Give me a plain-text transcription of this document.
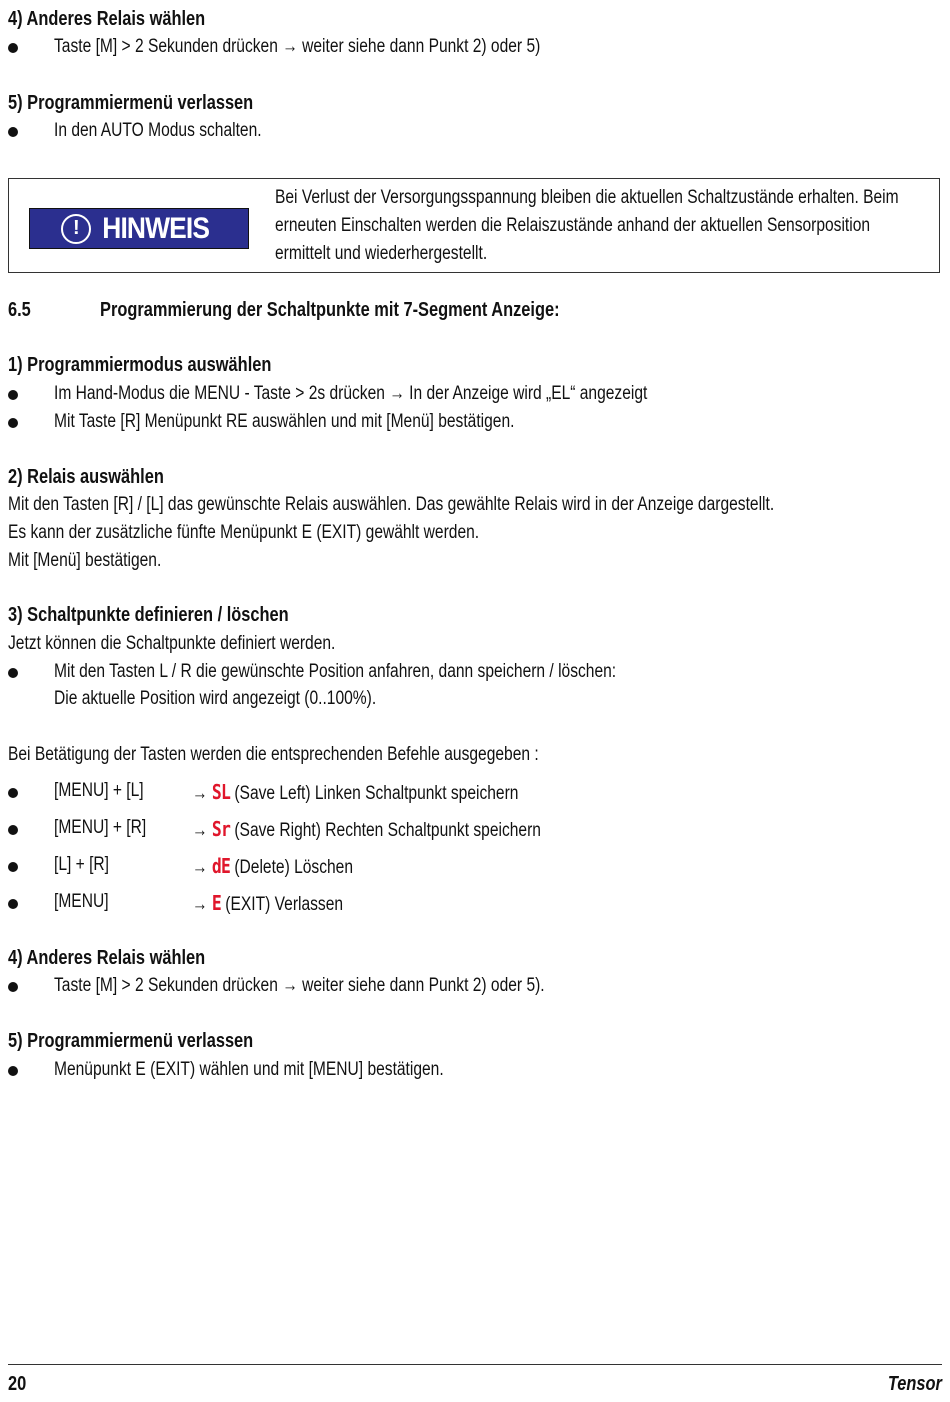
4) Anderes Relais wählen
Taste [M] > 2 Sekunden drücken → weiter siehe dann Punkt 2) oder 5)
5) Programmiermenü verlassen
In den AUTO Modus schalten.
! HINWEIS
Bei Verlust der Versorgungsspannung bleiben die aktuellen Schaltzustände erhalten. Beim
erneuten Einschalten werden die Relaiszustände anhand der aktuellen Sensorposition
ermittelt und wiederhergestellt.
6.5	Programmierung der Schaltpunkte mit 7-Segment Anzeige:
1) Programmiermodus auswählen
Im Hand-Modus die MENU - Taste > 2s drücken → In der Anzeige wird „EL“ angezeigt
Mit Taste [R] Menüpunkt RE auswählen und mit [Menü] bestätigen.
2) Relais auswählen
Mit den Tasten [R] / [L] das gewünschte Relais auswählen. Das gewählte Relais wird in der Anzeige dargestellt.
Es kann der zusätzliche fünfte Menüpunkt E (EXIT) gewählt werden.
Mit [Menü] bestätigen.
3) Schaltpunkte definieren / löschen
Jetzt können die Schaltpunkte definiert werden.
Mit den Tasten L / R die gewünschte Position anfahren, dann speichern / löschen:
Die aktuelle Position wird angezeigt (0..100%).
Bei Betätigung der Tasten werden die entsprechenden Befehle ausgegeben :
[MENU] + [L]	→ SL (Save Left) Linken Schaltpunkt speichern
[MENU] + [R] → Sr (Save Right) Rechten Schaltpunkt speichern
[L] + [R]	→ dE (Delete) Löschen
[MENU]	→ E (EXIT) Verlassen
4) Anderes Relais wählen
Taste [M] > 2 Sekunden drücken → weiter siehe dann Punkt 2) oder 5).
5) Programmiermenü verlassen
Menüpunkt E (EXIT) wählen und mit [MENU] bestätigen.
20	Tensor
